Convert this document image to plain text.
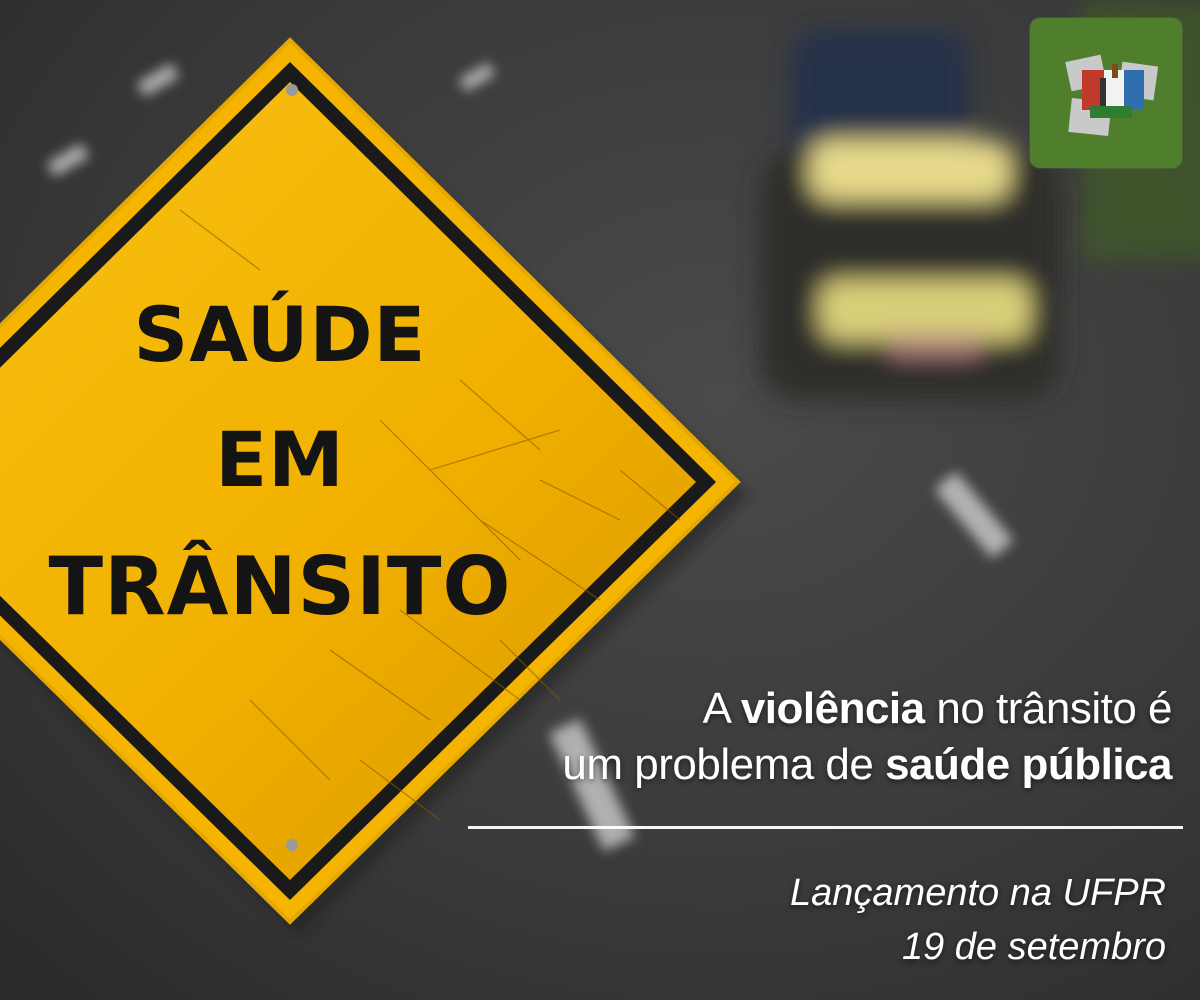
SAÚDE
EM
TRÂNSITO
A violência no trânsito é
um problema de saúde pública
Lançamento na UFPR
19 de setembro
